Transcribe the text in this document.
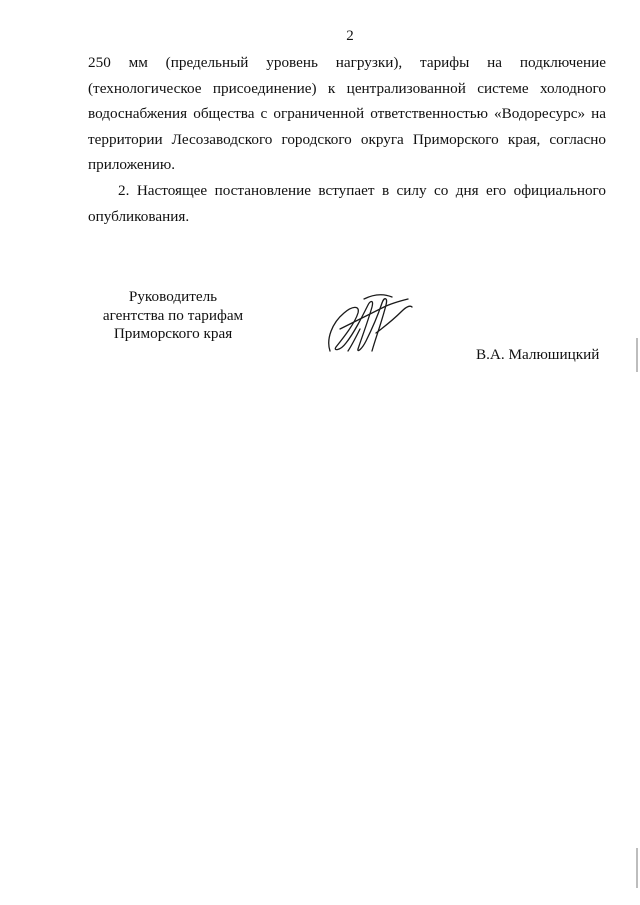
2

250 мм (предельный уровень нагрузки), тарифы на подключение (технологическое присоединение) к централизованной системе холодного водоснабжения общества с ограниченной ответственностью «Водоресурс» на территории Лесозаводского городского округа Приморского края, согласно приложению.

2. Настоящее постановление вступает в силу со дня его официального опубликования.

Руководитель
агентства по тарифам
Приморского края
В.А. Малюшицкий
